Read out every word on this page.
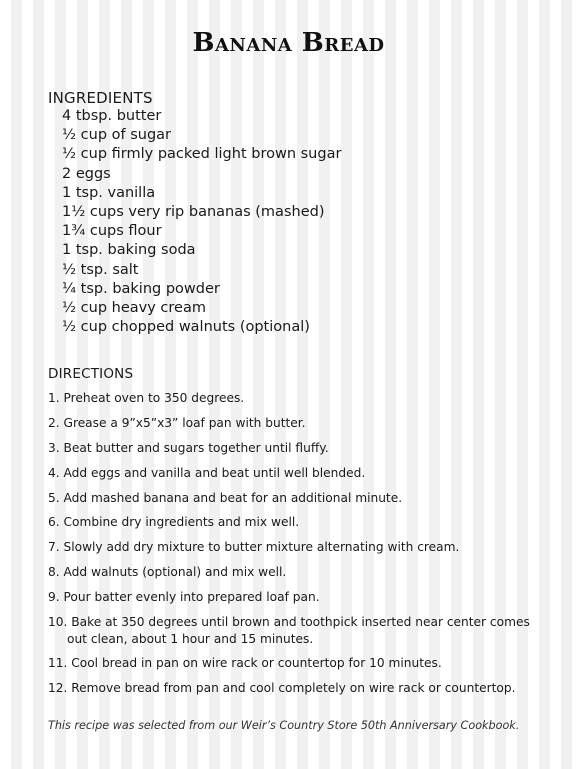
Banana Bread
INGREDIENTS
4 tbsp. butter
½ cup of sugar
½ cup firmly packed light brown sugar
2 eggs
1 tsp. vanilla
1½ cups very rip bananas (mashed)
1¾ cups flour
1 tsp. baking soda
½ tsp. salt
¼ tsp. baking powder
½ cup heavy cream
½ cup chopped walnuts (optional)
DIRECTIONS
1. Preheat oven to 350 degrees.
2. Grease a 9”x5”x3” loaf pan with butter.
3. Beat butter and sugars together until fluffy.
4. Add eggs and vanilla and beat until well blended.
5. Add mashed banana and beat for an additional minute.
6. Combine dry ingredients and mix well.
7. Slowly add dry mixture to butter mixture alternating with cream.
8. Add walnuts (optional) and mix well.
9. Pour batter evenly into prepared loaf pan.
10. Bake at 350 degrees until brown and toothpick inserted near center comes out clean, about 1 hour and 15 minutes.
11. Cool bread in pan on wire rack or countertop for 10 minutes.
12. Remove bread from pan and cool completely on wire rack or countertop.
This recipe was selected from our Weir’s Country Store 50th Anniversary Cookbook.
